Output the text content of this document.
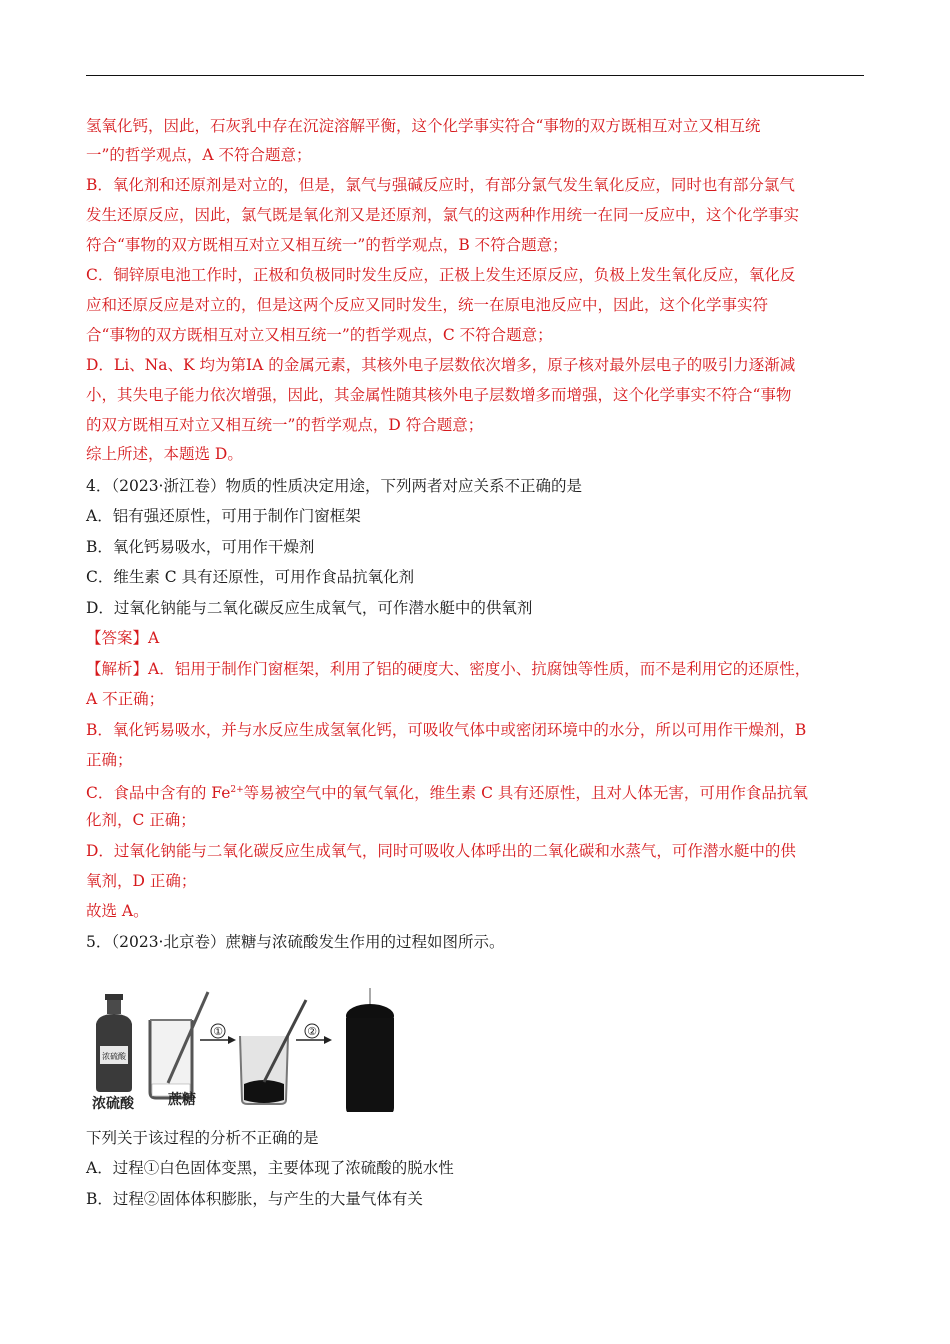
氢氧化钙，因此，石灰乳中存在沉淀溶解平衡，这个化学事实符合“事物的双方既相互对立又相互统
一”的哲学观点，A 不符合题意；
B．氧化剂和还原剂是对立的，但是，氯气与强碱反应时，有部分氯气发生氧化反应，同时也有部分氯气
发生还原反应，因此，氯气既是氧化剂又是还原剂，氯气的这两种作用统一在同一反应中，这个化学事实
符合“事物的双方既相互对立又相互统一”的哲学观点，B 不符合题意；
C．铜锌原电池工作时，正极和负极同时发生反应，正极上发生还原反应，负极上发生氧化反应，氧化反
应和还原反应是对立的，但是这两个反应又同时发生，统一在原电池反应中，因此，这个化学事实符
合“事物的双方既相互对立又相互统一”的哲学观点，C 不符合题意；
D．Li、Na、K 均为第ⅠA 的金属元素，其核外电子层数依次增多，原子核对最外层电子的吸引力逐渐减
小，其失电子能力依次增强，因此，其金属性随其核外电子层数增多而增强，这个化学事实不符合“事物
的双方既相互对立又相互统一”的哲学观点，D 符合题意；
综上所述，本题选 D。
4．（2023·浙江卷）物质的性质决定用途，下列两者对应关系不正确的是
A．铝有强还原性，可用于制作门窗框架
B．氧化钙易吸水，可用作干燥剂
C．维生素 C 具有还原性，可用作食品抗氧化剂
D．过氧化钠能与二氧化碳反应生成氧气，可作潜水艇中的供氧剂
【答案】A
【解析】A．铝用于制作门窗框架，利用了铝的硬度大、密度小、抗腐蚀等性质，而不是利用它的还原性，
A 不正确；
B．氧化钙易吸水，并与水反应生成氢氧化钙，可吸收气体中或密闭环境中的水分，所以可用作干燥剂，B
正确；
C．食品中含有的 $Fe^{2+}$等易被空气中的氧气氧化，维生素 C 具有还原性，且对人体无害，可用作食品抗氧
化剂，C 正确；
D．过氧化钠能与二氧化碳反应生成氧气，同时可吸收人体呼出的二氧化碳和水蒸气，可作潜水艇中的供
氧剂，D 正确；
故选 A。
5．（2023·北京卷）蔗糖与浓硫酸发生作用的过程如图所示。
浓硫酸
①	②
浓硫酸 蔗糖
下列关于该过程的分析不正确的是
A．过程①白色固体变黑，主要体现了浓硫酸的脱水性
B．过程②固体体积膨胀，与产生的大量气体有关
